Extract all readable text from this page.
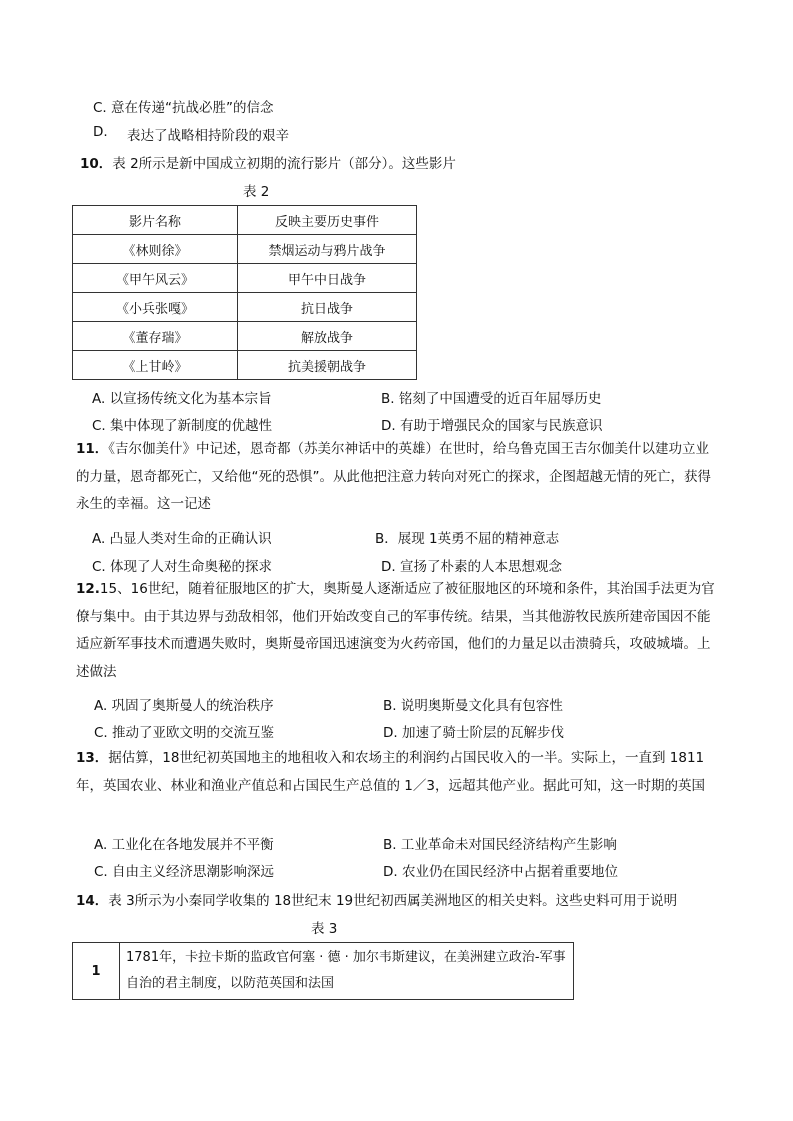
C. 意在传递“抗战必胜”的信念
D. 表达了战略相持阶段的艰辛
10．表 2所示是新中国成立初期的流行影片（部分）。这些影片
表 2
影片名称	反映主要历史事件
《林则徐》	禁烟运动与鸦片战争
《甲午风云》	甲午中日战争
《小兵张嘎》	抗日战争
《董存瑞》	解放战争
《上甘岭》	抗美援朝战争
A. 以宣扬传统文化为基本宗旨	B. 铭刻了中国遭受的近百年屈辱历史
C. 集中体现了新制度的优越性	D. 有助于增强民众的国家与民族意识
11．《吉尔伽美什》中记述，恩奇都（苏美尔神话中的英雄）在世时，给乌鲁克国王吉尔伽美什以建功立业的力量，恩奇都死亡，又给他“死的恐惧”。从此他把注意力转向对死亡的探求，企图超越无情的死亡，获得永生的幸福。这一记述
A. 凸显人类对生命的正确认识	B．展现 1英勇不屈的精神意志
C. 体现了人对生命奥秘的探求	D. 宣扬了朴素的人本思想观念
12.15、16世纪，随着征服地区的扩大，奥斯曼人逐渐适应了被征服地区的环境和条件，其治国手法更为官僚与集中。由于其边界与劲敌相邻，他们开始改变自己的军事传统。结果，当其他游牧民族所建帝国因不能适应新军事技术而遭遇失败时，奥斯曼帝国迅速演变为火药帝国，他们的力量足以击溃骑兵，攻破城墙。上述做法
A. 巩固了奥斯曼人的统治秩序	B. 说明奥斯曼文化具有包容性
C. 推动了亚欧文明的交流互鉴	D. 加速了骑士阶层的瓦解步伐
13．据估算，18世纪初英国地主的地租收入和农场主的利润约占国民收入的一半。实际上，一直到 1811年，英国农业、林业和渔业产值总和占国民生产总值的 1／3，远超其他产业。据此可知，这一时期的英国
A. 工业化在各地发展并不平衡	B. 工业革命未对国民经济结构产生影响
C. 自由主义经济思潮影响深远	D. 农业仍在国民经济中占据着重要地位
14．表 3所示为小秦同学收集的 18世纪末 19世纪初西属美洲地区的相关史料。这些史料可用于说明
表 3
1	1781年，卡拉卡斯的监政官何塞 · 德 · 加尔韦斯建议，在美洲建立政治-军事自治的君主制度，以防范英国和法国
